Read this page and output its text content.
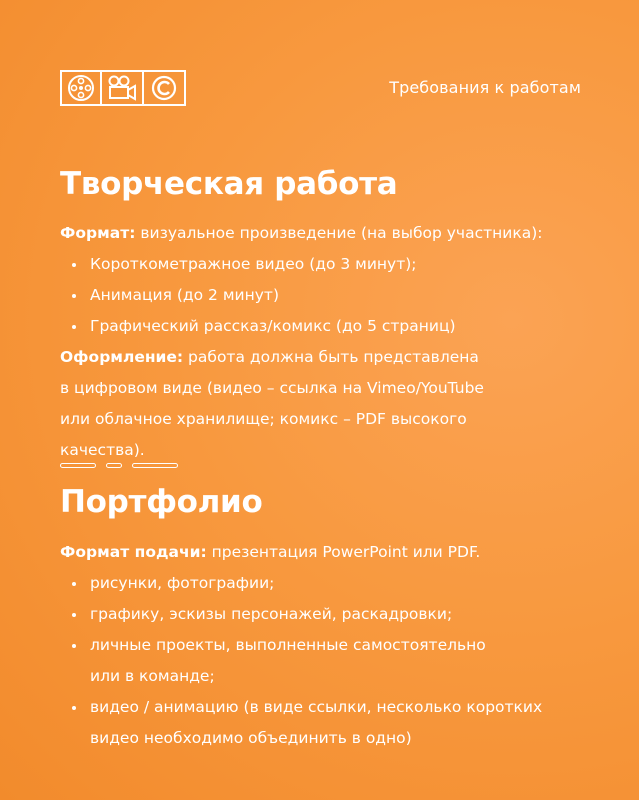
Требования к работам
Творческая работа
Формат: визуальное произведение (на выбор участника):
Короткометражное видео (до 3 минут);
Анимация (до 2 минут)
Графический рассказ/комикс (до 5 страниц)
Оформление: работа должна быть представлена
в цифровом виде (видео – ссылка на Vimeo/YouTube
или облачное хранилище; комикс – PDF высокого
качества).
Портфолио
Формат подачи: презентация PowerPoint или PDF.
рисунки, фотографии;
графику, эскизы персонажей, раскадровки;
личные проекты, выполненные самостоятельно
или в команде;
видео / анимацию (в виде ссылки, несколько коротких
видео необходимо объединить в одно)
